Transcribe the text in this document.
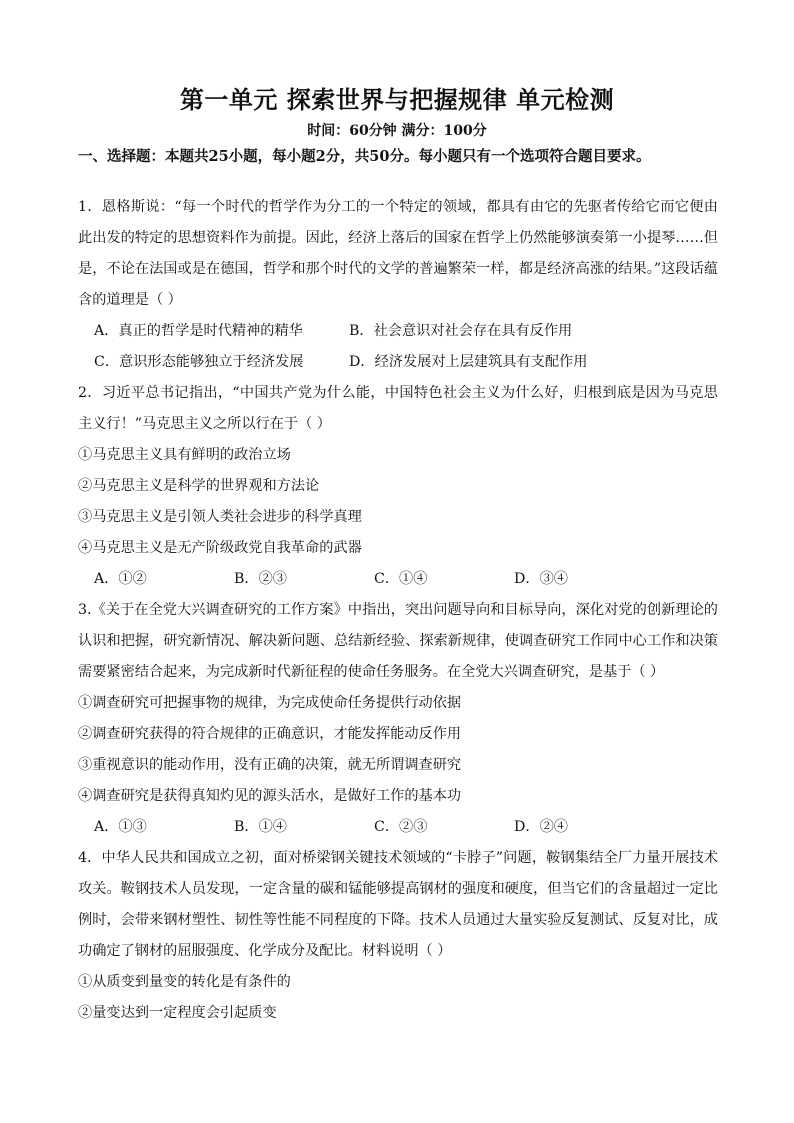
第一单元 探索世界与把握规律 单元检测
时间：60分钟 满分：100分
一、选择题：本题共25小题，每小题2分，共50分。每小题只有一个选项符合题目要求。

1．恩格斯说：“每一个时代的哲学作为分工的一个特定的领域，都具有由它的先驱者传给它而它便由此出发的特定的思想资料作为前提。因此，经济上落后的国家在哲学上仍然能够演奏第一小提琴……但是，不论在法国或是在德国，哲学和那个时代的文学的普遍繁荣一样，都是经济高涨的结果。”这段话蕴含的道理是（ ）

A．真正的哲学是时代精神的精华	B．社会意识对社会存在具有反作用
C．意识形态能够独立于经济发展	D．经济发展对上层建筑具有支配作用

2．习近平总书记指出，“中国共产党为什么能，中国特色社会主义为什么好，归根到底是因为马克思主义行！”马克思主义之所以行在于（ ）

①马克思主义具有鲜明的政治立场

②马克思主义是科学的世界观和方法论

③马克思主义是引领人类社会进步的科学真理

④马克思主义是无产阶级政党自我革命的武器

A．①②	B．②③	C．①④	D．③④

3.《关于在全党大兴调查研究的工作方案》中指出，突出问题导向和目标导向，深化对党的创新理论的认识和把握，研究新情况、解决新问题、总结新经验、探索新规律，使调查研究工作同中心工作和决策需要紧密结合起来，为完成新时代新征程的使命任务服务。在全党大兴调查研究，是基于（ ）

①调查研究可把握事物的规律，为完成使命任务提供行动依据

②调查研究获得的符合规律的正确意识，才能发挥能动反作用

③重视意识的能动作用，没有正确的决策，就无所谓调查研究

④调查研究是获得真知灼见的源头活水，是做好工作的基本功

A．①③	B．①④	C．②③	D．②④

4．中华人民共和国成立之初，面对桥梁钢关键技术领域的“卡脖子”问题，鞍钢集结全厂力量开展技术攻关。鞍钢技术人员发现，一定含量的碳和锰能够提高钢材的强度和硬度，但当它们的含量超过一定比例时，会带来钢材塑性、韧性等性能不同程度的下降。技术人员通过大量实验反复测试、反复对比，成功确定了钢材的屈服强度、化学成分及配比。材料说明（ ）

①从质变到量变的转化是有条件的

②量变达到一定程度会引起质变
